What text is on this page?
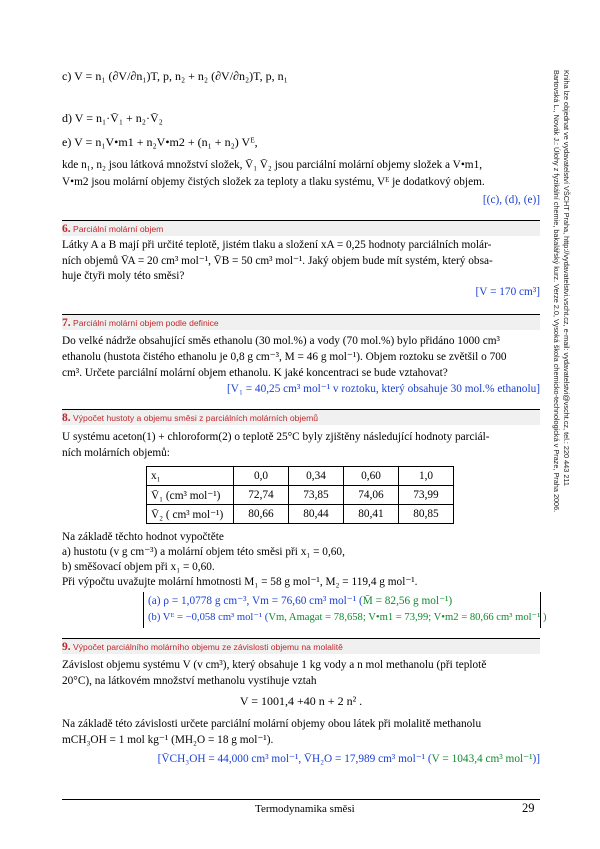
c) V = n₁ (∂V/∂n₁)T, p, n₂ + n₂ (∂V/∂n₂)T, p, n₁
d) V = n₁·V̄₁ + n₂·V̄₂
e) V = n₁V•m1 + n₂V•m2 + (n₁ + n₂) Vᴱ,
kde n₁, n₂ jsou látková množství složek, V̄₁ V̄₂ jsou parciální molární objemy složek a V•m1,
V•m2 jsou molární objemy čistých složek za teploty a tlaku systému, Vᴱ je dodatkový objem.
[(c), (d), (e)]
6. Parciální molární objem
Látky A a B mají při určité teplotě, jistém tlaku a složení xA = 0,25 hodnoty parciálních molár-
ních objemů V̄A = 20 cm³ mol⁻¹, V̄B = 50 cm³ mol⁻¹. Jaký objem bude mít systém, který obsa-
huje čtyři moly této směsi?
[V = 170 cm³]
7. Parciální molární objem podle definice
Do velké nádrže obsahující směs ethanolu (30 mol.%) a vody (70 mol.%) bylo přidáno 1000 cm³
ethanolu (hustota čistého ethanolu je 0,8 g cm⁻³, M = 46 g mol⁻¹). Objem roztoku se zvětšil o 700
cm³. Určete parciální molární objem ethanolu. K jaké koncentraci se bude vztahovat?
[V₁ = 40,25 cm³ mol⁻¹ v roztoku, který obsahuje 30 mol.% ethanolu]
8. Výpočet hustoty a objemu směsi z parciálních molárních objemů
U systému aceton(1) + chloroform(2) o teplotě 25°C byly zjištěny následující hodnoty parciál-
ních molárních objemů:
x₁	0,0	0,34	0,60	1,0
V̄₁ (cm³ mol⁻¹)	72,74	73,85	74,06	73,99
V̄₂ ( cm³ mol⁻¹)	80,66	80,44	80,41	80,85
Na základě těchto hodnot vypočtěte
a) hustotu (v g cm⁻³) a molární objem této směsi při x₁ = 0,60,
b) směšovací objem při x₁ = 0,60.
Při výpočtu uvažujte molární hmotnosti M₁ = 58 g mol⁻¹, M₂ = 119,4 g mol⁻¹.
(a) ρ = 1,0778 g cm⁻³, Vm = 76,60 cm³ mol⁻¹ (M̄ = 82,56 g mol⁻¹)
(b) Vᴱ = −0,058 cm³ mol⁻¹ (Vm, Amagat = 78,658; V•m1 = 73,99; V•m2 = 80,66 cm³ mol⁻¹ )
9. Výpočet parciálního molárního objemu ze závislosti objemu na molalitě
Závislost objemu systému V (v cm³), který obsahuje 1 kg vody a n mol methanolu (při teplotě
20°C), na látkovém množství methanolu vystihuje vztah
V = 1001,4 +40 n + 2 n² .
Na základě této závislosti určete parciální molární objemy obou látek při molalitě methanolu
mCH₃OH = 1 mol kg⁻¹ (MH₂O = 18 g mol⁻¹).
[V̄CH₃OH = 44,000 cm³ mol⁻¹, V̄H₂O = 17,989 cm³ mol⁻¹ (V = 1043,4 cm³ mol⁻¹)]
Termodynamika směsi	29
Bartovská L., Novák J.: Úlohy z fyzikální chemie, bakalářský kurz. Verze 2.0, Vysoká škola chemicko-technologická v Praze, Praha 2006. Kniha lze objednat ve vydavatelství VŠCHT Praha, http://vydavatelstvi.vscht.cz, e-mail: vydavatelstvi@vscht.cz, tel.: 220 443 211
